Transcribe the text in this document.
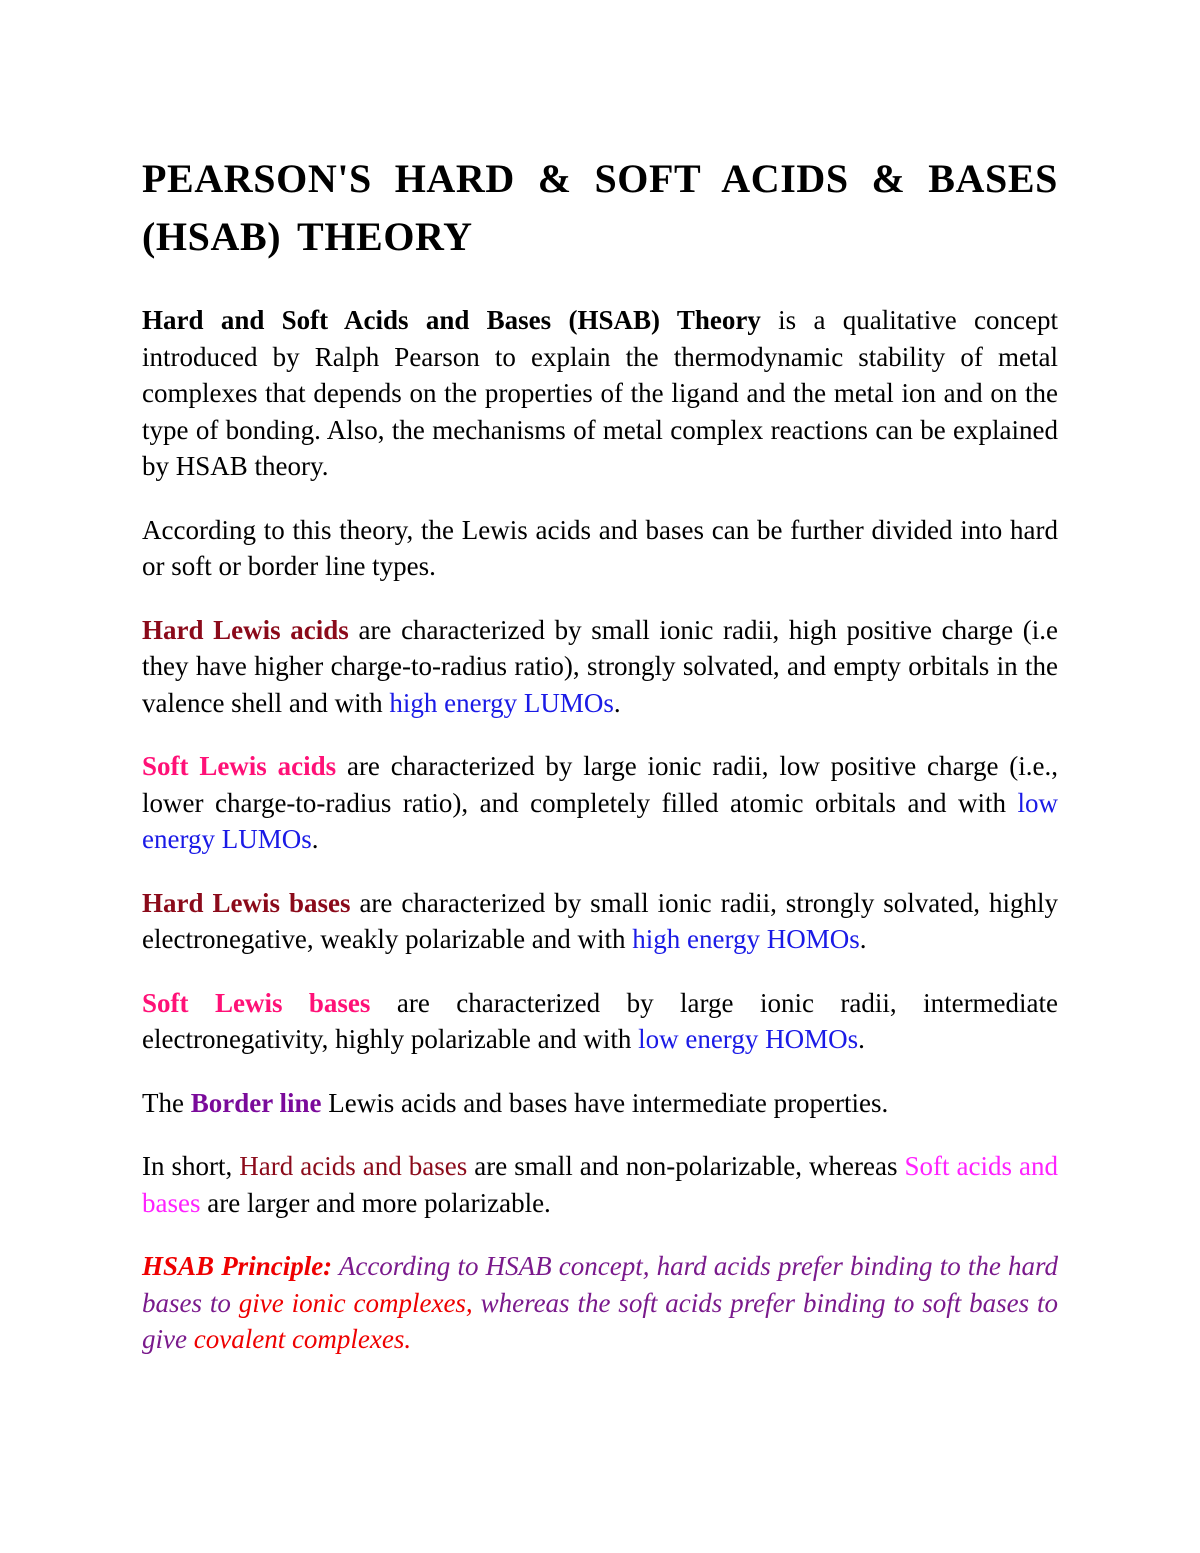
PEARSON'S HARD & SOFT ACIDS & BASES (HSAB) THEORY

Hard and Soft Acids and Bases (HSAB) Theory is a qualitative concept introduced by Ralph Pearson to explain the thermodynamic stability of metal complexes that depends on the properties of the ligand and the metal ion and on the type of bonding. Also, the mechanisms of metal complex reactions can be explained by HSAB theory.

According to this theory, the Lewis acids and bases can be further divided into hard or soft or border line types.

Hard Lewis acids are characterized by small ionic radii, high positive charge (i.e they have higher charge-to-radius ratio), strongly solvated, and empty orbitals in the valence shell and with high energy LUMOs.

Soft Lewis acids are characterized by large ionic radii, low positive charge (i.e., lower charge-to-radius ratio), and completely filled atomic orbitals and with low energy LUMOs.

Hard Lewis bases are characterized by small ionic radii, strongly solvated, highly electronegative, weakly polarizable and with high energy HOMOs.

Soft Lewis bases are characterized by large ionic radii, intermediate electronegativity, highly polarizable and with low energy HOMOs.

The Border line Lewis acids and bases have intermediate properties.

In short, Hard acids and bases are small and non-polarizable, whereas Soft acids and bases are larger and more polarizable.

HSAB Principle: According to HSAB concept, hard acids prefer binding to the hard bases to give ionic complexes, whereas the soft acids prefer binding to soft bases to give covalent complexes.
